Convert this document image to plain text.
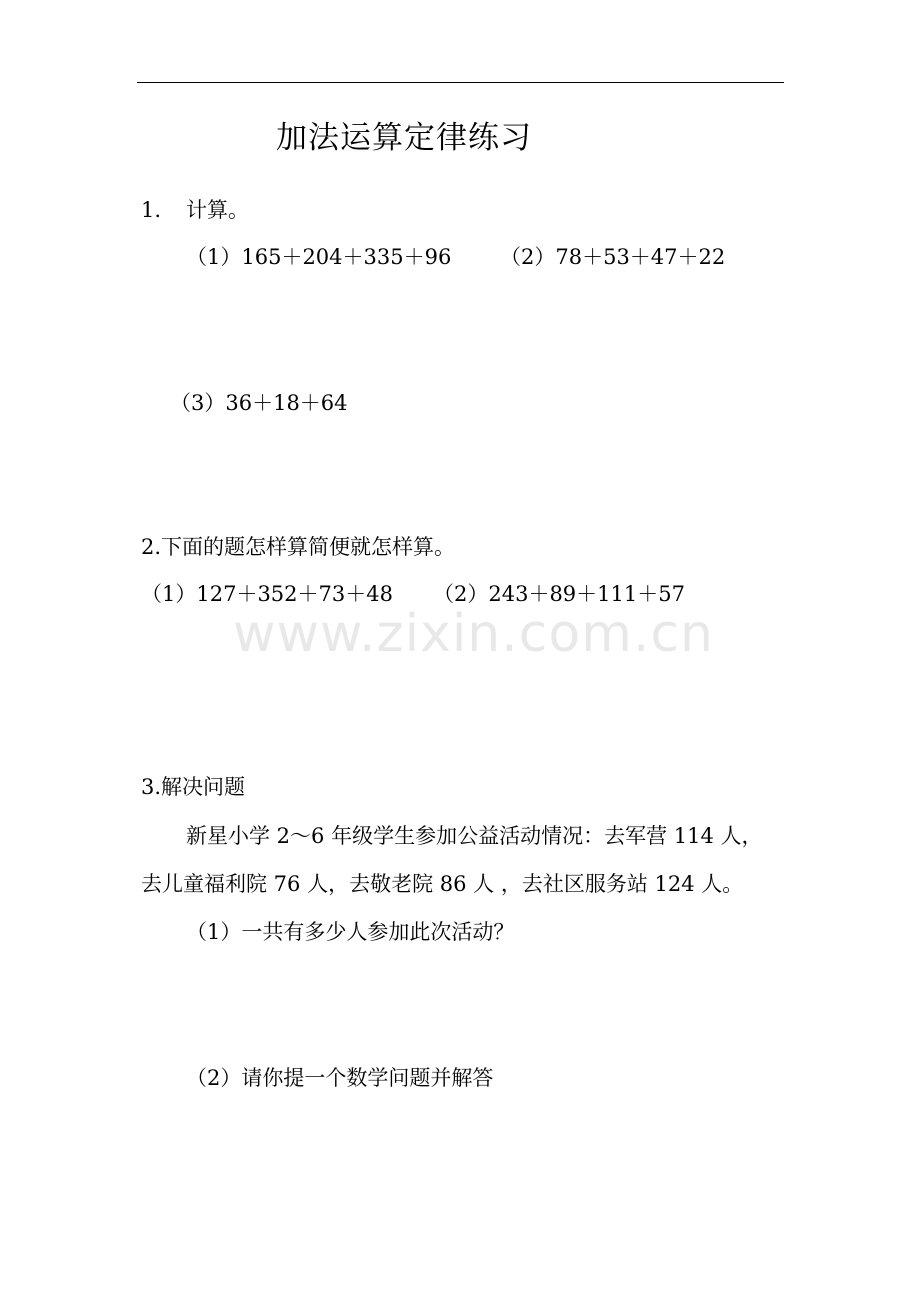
加法运算定律练习
1. 计算。
（1）165＋204＋335＋96 （2）78＋53＋47＋22
（3）36＋18＋64
2.下面的题怎样算简便就怎样算。
（1）127＋352＋73＋48 （2）243＋89＋111＋57
www.zixin.com.cn
3.解决问题
新星小学 2～6 年级学生参加公益活动情况：去军营 114 人，
去儿童福利院 76 人，去敬老院 86 人 ，去社区服务站 124 人。
（1）一共有多少人参加此次活动？
（2）请你提一个数学问题并解答
